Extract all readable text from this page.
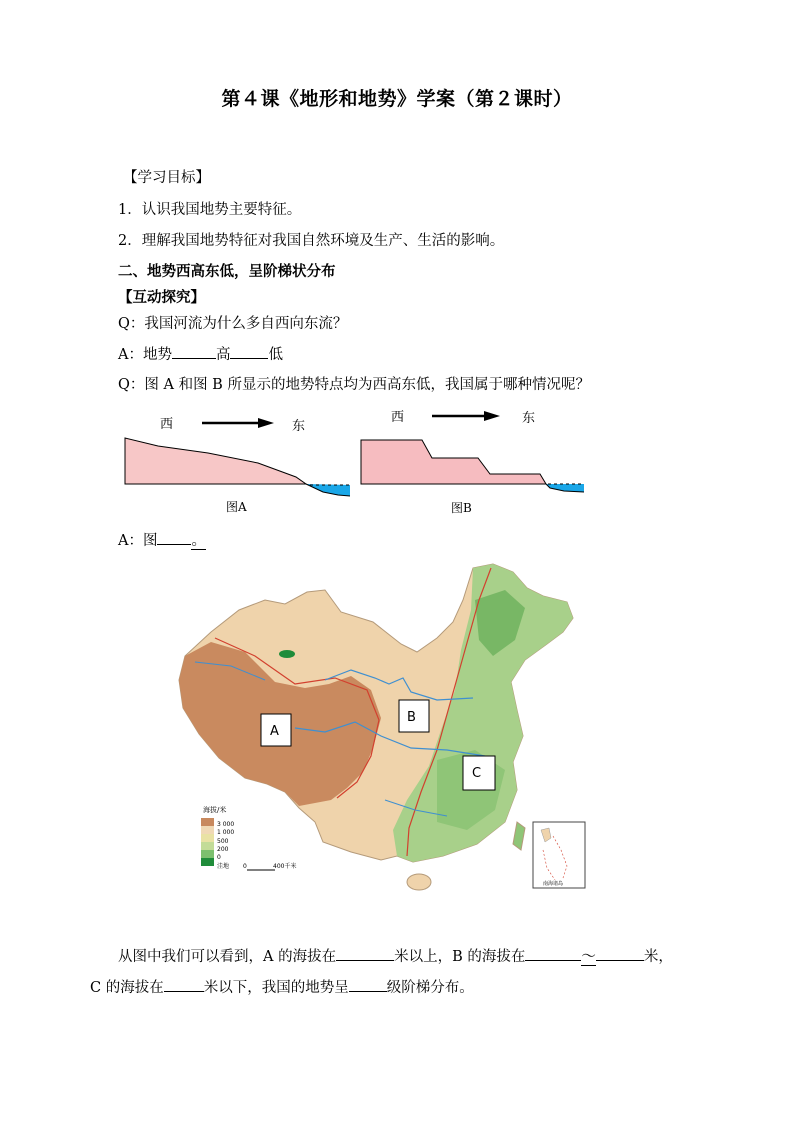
第４课《地形和地势》学案（第２课时）
【学习目标】
1．认识我国地势主要特征。
2．理解我国地势特征对我国自然环境及生产、生活的影响。
二、地势西高东低，呈阶梯状分布
【互动探究】
Q：我国河流为什么多自西向东流？
A：地势	高	低
Q：图 A 和图 B 所显示的地势特点均为西高东低，我国属于哪种情况呢？
西	东
图A
西	东
图B
A：图 。
A
B
C
海拔/米
3 000
1 000
500
200
0
洼地 0	400千米
南海诸岛
从图中我们可以看到，A 的海拔在	米以上，B 的海拔在	～	米，
C 的海拔在	米以下，我国的地势呈	级阶梯分布。
